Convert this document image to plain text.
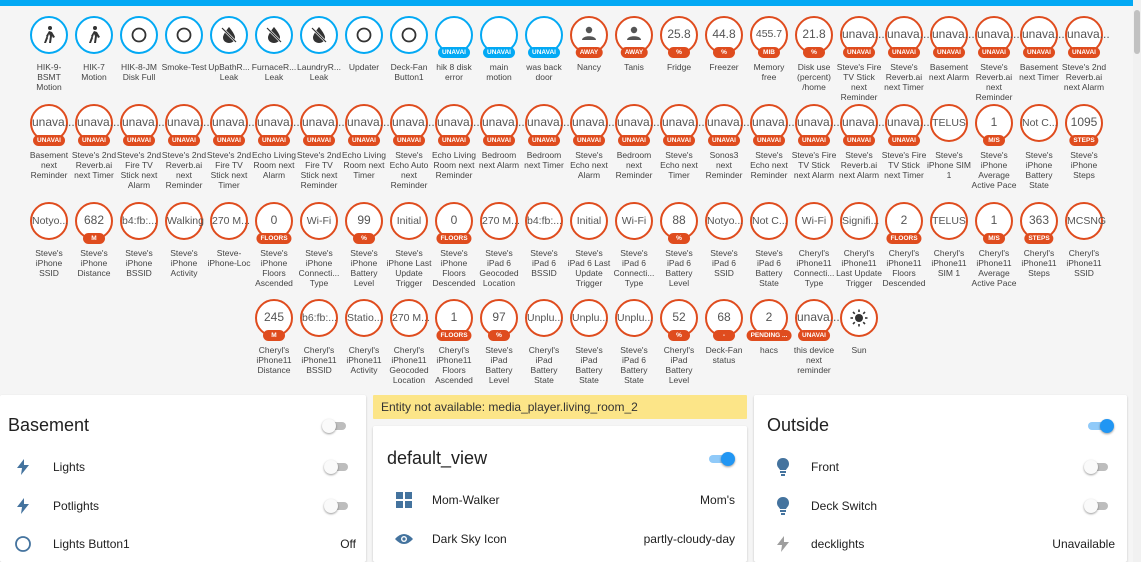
HIK-9-BSMT Motion
HIK-7 Motion
HIK-8-JM Disk Full
Smoke-Test UpBathR... Leak
FurnaceR... Leak
LaundryR... Leak
Updater	Deck-Fan Button1
UNAVAI
hik 8 disk error
UNAVAI
main motion
UNAVAI
was back door
AWAY
Nancy
AWAY
Tanis
25.8
%
Fridge
44.8
%
Freezer
455.7
MIB
Memory free
21.8
%
Disk use (percent) /home
unava...
UNAVAI
Steve's Fire TV Stick next Reminder
unava...
UNAVAI
Steve's Reverb.ai next Timer
unava...
UNAVAI
Basement next Alarm
unava...
UNAVAI
Steve's Reverb.ai next Reminder
unava...
UNAVAI
Basement next Timer
unava...
UNAVAI
Steve's 2nd Reverb.ai next Alarm
unava...
UNAVAI
Basement next Reminder
unava...
UNAVAI
Steve's 2nd Reverb.ai next Timer
unava...
UNAVAI
Steve's 2nd Fire TV Stick next Alarm
unava...
UNAVAI
Steve's 2nd Reverb.ai next Reminder
unava...
UNAVAI
Steve's 2nd Fire TV Stick next Timer
unava...
UNAVAI
Echo Living Room next Alarm
unava...
UNAVAI
Steve's 2nd Fire TV Stick next Reminder
unava...
UNAVAI
Echo Living Room next Timer
unava...
UNAVAI
Steve's Echo Auto next Reminder
unava...
UNAVAI
Echo Living Room next Reminder
unava...
UNAVAI
Bedroom next Alarm
unava...
UNAVAI
Bedroom next Timer
unava...
UNAVAI
Steve's Echo next Alarm
unava...
UNAVAI
Bedroom next Reminder
unava...
UNAVAI
Steve's Echo next Timer
unava...
UNAVAI
Sonos3 next Reminder
unava...
UNAVAI
Steve's Echo next Reminder
unava...
UNAVAI
Steve's Fire TV Stick next Alarm
unava...
UNAVAI
Steve's Reverb.ai next Alarm
unava...
UNAVAI
Steve's Fire TV Stick next Timer
TELUS
Steve's iPhone SIM 1
1
M/S
Steve's iPhone Average Active Pace
Not C...
Steve's iPhone Battery State
1095
STEPS
Steve's iPhone Steps
Notyo...
Steve's iPhone SSID
682
M
Steve's iPhone Distance
b4:fb:...
Steve's iPhone BSSID
Walking
Steve's iPhone Activity
270 M...
Steve-iPhone-Loc
0
FLOORS
Steve's iPhone Floors Ascended
Wi-Fi
Steve's iPhone Connecti... Type
99
%
Steve's iPhone Battery Level
Initial
Steve's iPhone Last Update Trigger
0
FLOORS
Steve's iPhone Floors Descended
270 M...
Steve's iPad 6 Geocoded Location
b4:fb:...
Steve's iPad 6 BSSID
Initial
Steve's iPad 6 Last Update Trigger
Wi-Fi
Steve's iPad 6 Connecti... Type
88
%
Steve's iPad 6 Battery Level
Notyo...
Steve's iPad 6 SSID
Not C...
Steve's iPad 6 Battery State
Wi-Fi
Cheryl's iPhone11 Connecti... Type
Signifi...
Cheryl's iPhone11 Last Update Trigger
2
FLOORS
Cheryl's iPhone11 Floors Descended
TELUS
Cheryl's iPhone11 SIM 1
1
M/S
Cheryl's iPhone11 Average Active Pace
363
STEPS
Cheryl's iPhone11 Steps
MCSNG
Cheryl's iPhone11 SSID
245
M
Cheryl's iPhone11 Distance
b6:fb:...
Cheryl's iPhone11 BSSID
Statio...
Cheryl's iPhone11 Activity
270 M...
Cheryl's iPhone11 Geocoded Location
1
FLOORS
Cheryl's iPhone11 Floors Ascended
97
%
Steve's iPad Battery Level
Unplu...
Cheryl's iPad Battery State
Unplu...
Steve's iPad Battery State
Unplu...
Steve's iPad 6 Battery State
52
%
Cheryl's iPad Battery Level
68
-
Deck-Fan status
2
PENDING ...
hacs
unava...
UNAVAI
this device next reminder
Sun
Basement
Lights
Potlights
Lights Button1	Off
Entity not available: media_player.living_room_2
default_view
Mom-Walker	Mom's
Dark Sky Icon	partly-cloudy-day
Outside
Front
Deck Switch
decklights	Unavailable
